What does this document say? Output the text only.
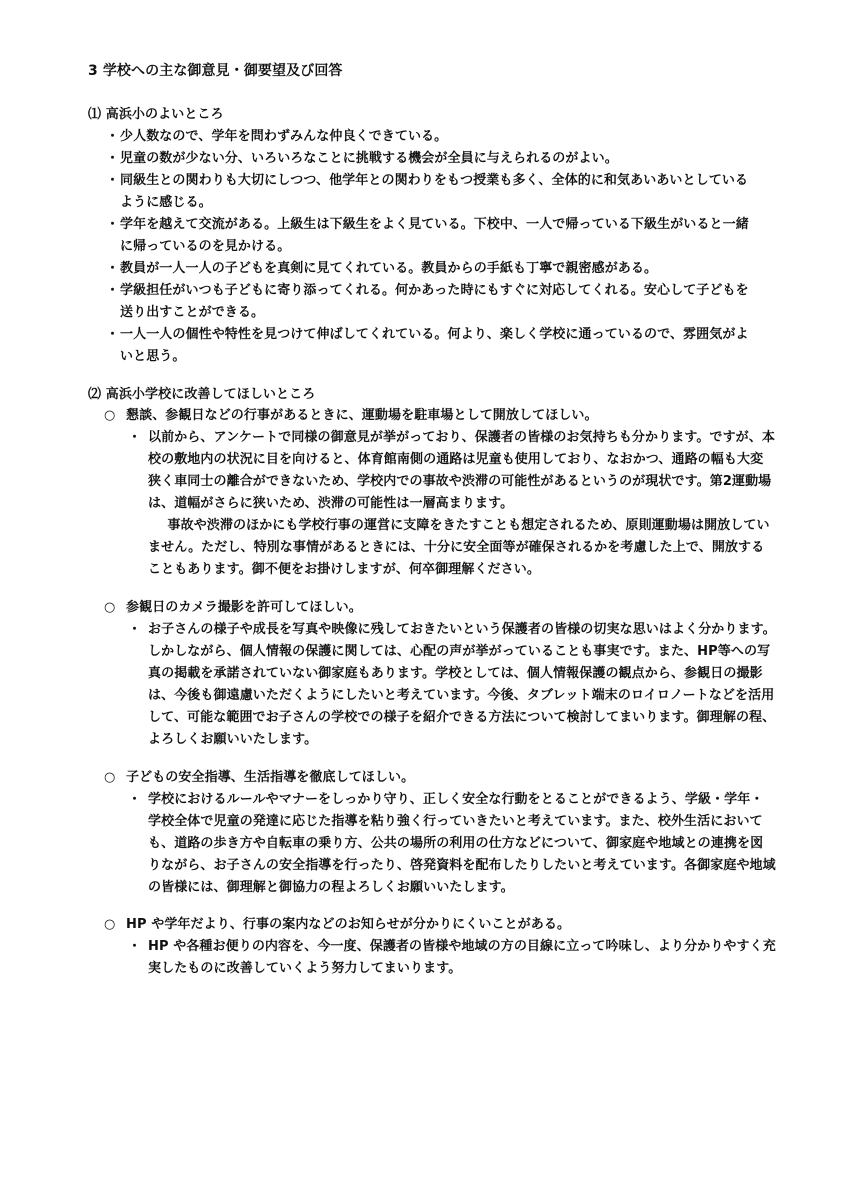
3 学校への主な御意見・御要望及び回答
⑴ 高浜小のよいところ
・ 少人数なので、学年を問わずみんな仲良くできている。
・ 児童の数が少ない分、いろいろなことに挑戦する機会が全員に与えられるのがよい。
・ 同級生との関わりも大切にしつつ、他学年との関わりをもつ授業も多く、全体的に和気あいあいとしているように感じる。
・ 学年を越えて交流がある。上級生は下級生をよく見ている。下校中、一人で帰っている下級生がいると一緒に帰っているのを見かける。
・ 教員が一人一人の子どもを真剣に見てくれている。教員からの手紙も丁寧で親密感がある。
・ 学級担任がいつも子どもに寄り添ってくれる。何かあった時にもすぐに対応してくれる。安心して子どもを送り出すことができる。
・ 一人一人の個性や特性を見つけて伸ばしてくれている。何より、楽しく学校に通っているので、雰囲気がよいと思う。
⑵ 高浜小学校に改善してほしいところ
○ 懇談、参観日などの行事があるときに、運動場を駐車場として開放してほしい。
・ 以前から、アンケートで同様の御意見が挙がっており、保護者の皆様のお気持ちも分かります。ですが、本校の敷地内の状況に目を向けると、体育館南側の通路は児童も使用しており、なおかつ、通路の幅も大変狭く車同士の離合ができないため、学校内での事故や渋滞の可能性があるというのが現状です。第2運動場は、道幅がさらに狭いため、渋滞の可能性は一層高まります。
事故や渋滞のほかにも学校行事の運営に支障をきたすことも想定されるため、原則運動場は開放していません。ただし、特別な事情があるときには、十分に安全面等が確保されるかを考慮した上で、開放することもあります。御不便をお掛けしますが、何卒御理解ください。
○ 参観日のカメラ撮影を許可してほしい。
・ お子さんの様子や成長を写真や映像に残しておきたいという保護者の皆様の切実な思いはよく分かります。しかしながら、個人情報の保護に関しては、心配の声が挙がっていることも事実です。また、HP等への写真の掲載を承諾されていない御家庭もあります。学校としては、個人情報保護の観点から、参観日の撮影は、今後も御遠慮いただくようにしたいと考えています。今後、タブレット端末のロイロノートなどを活用して、可能な範囲でお子さんの学校での様子を紹介できる方法について検討してまいります。御理解の程、よろしくお願いいたします。
○ 子どもの安全指導、生活指導を徹底してほしい。
・ 学校におけるルールやマナーをしっかり守り、正しく安全な行動をとることができるよう、学級・学年・学校全体で児童の発達に応じた指導を粘り強く行っていきたいと考えています。また、校外生活においても、道路の歩き方や自転車の乗り方、公共の場所の利用の仕方などについて、御家庭や地域との連携を図りながら、お子さんの安全指導を行ったり、啓発資料を配布したりしたいと考えています。各御家庭や地域の皆様には、御理解と御協力の程よろしくお願いいたします。
○ HP や学年だより、行事の案内などのお知らせが分かりにくいことがある。
・ HP や各種お便りの内容を、今一度、保護者の皆様や地域の方の目線に立って吟味し、より分かりやすく充実したものに改善していくよう努力してまいります。
